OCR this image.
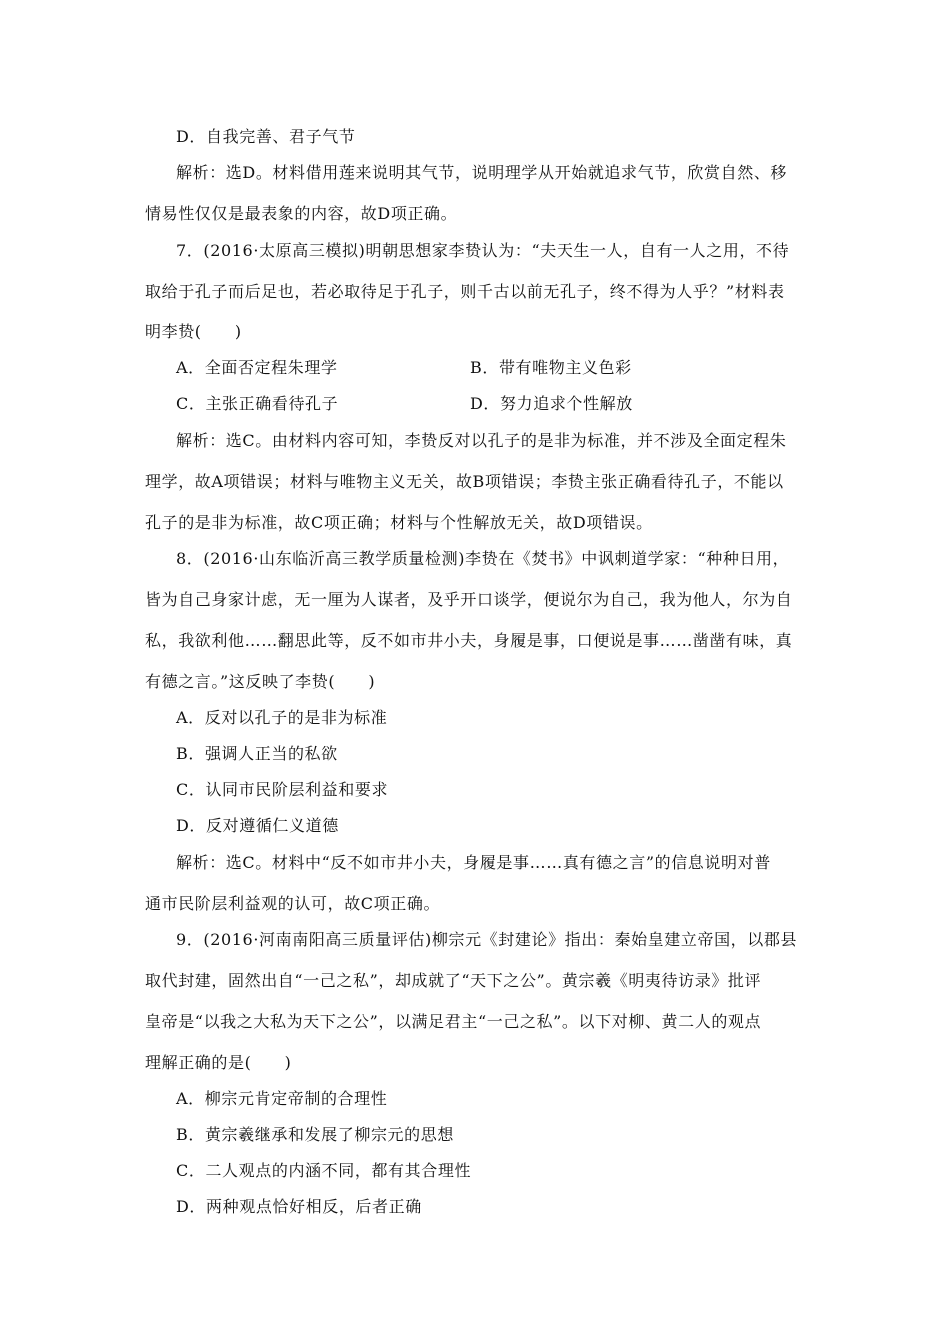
D．自我完善、君子气节
解析：选D。材料借用莲来说明其气节，说明理学从开始就追求气节，欣赏自然、移
情易性仅仅是最表象的内容，故D项正确。
7．(2016·太原高三模拟)明朝思想家李贽认为：“夫天生一人，自有一人之用，不待
取给于孔子而后足也，若必取待足于孔子，则千古以前无孔子，终不得为人乎？”材料表
明李贽(　　)
A．全面否定程朱理学	B．带有唯物主义色彩
C．主张正确看待孔子	D．努力追求个性解放
解析：选C。由材料内容可知，李贽反对以孔子的是非为标准，并不涉及全面定程朱
理学，故A项错误；材料与唯物主义无关，故B项错误；李贽主张正确看待孔子，不能以
孔子的是非为标准，故C项正确；材料与个性解放无关，故D项错误。
8．(2016·山东临沂高三教学质量检测)李贽在《焚书》中讽刺道学家：“种种日用，
皆为自己身家计虑，无一厘为人谋者，及乎开口谈学，便说尔为自己，我为他人，尔为自
私，我欲利他……翻思此等，反不如市井小夫，身履是事，口便说是事……凿凿有味，真
有德之言。”这反映了李贽(　　)
A．反对以孔子的是非为标准
B．强调人正当的私欲
C．认同市民阶层利益和要求
D．反对遵循仁义道德
解析：选C。材料中“反不如市井小夫，身履是事……真有德之言”的信息说明对普
通市民阶层利益观的认可，故C项正确。
9．(2016·河南南阳高三质量评估)柳宗元《封建论》指出：秦始皇建立帝国，以郡县
取代封建，固然出自“一己之私”，却成就了“天下之公”。黄宗羲《明夷待访录》批评
皇帝是“以我之大私为天下之公”，以满足君主“一己之私”。以下对柳、黄二人的观点
理解正确的是(　　)
A．柳宗元肯定帝制的合理性
B．黄宗羲继承和发展了柳宗元的思想
C．二人观点的内涵不同，都有其合理性
D．两种观点恰好相反，后者正确
